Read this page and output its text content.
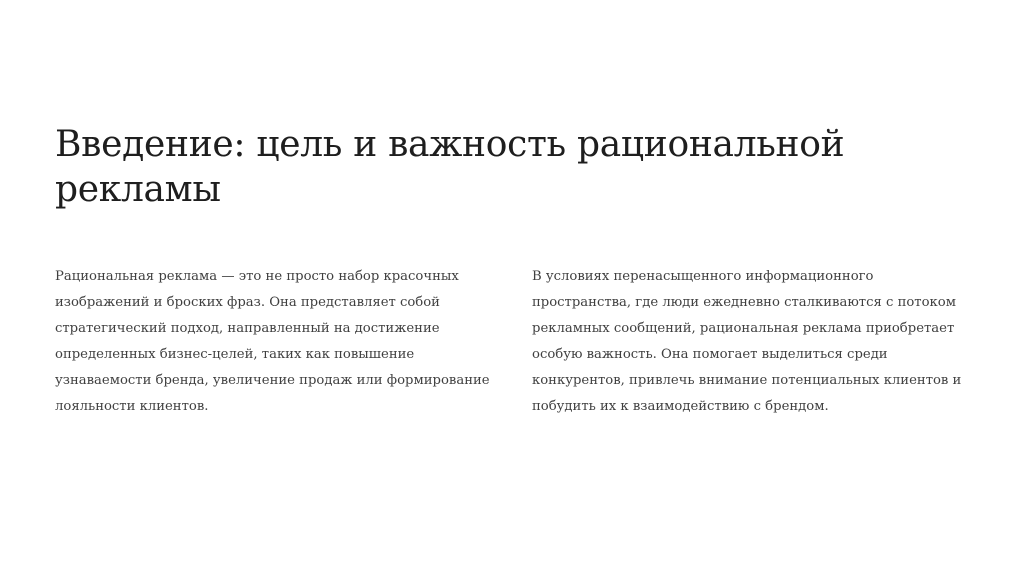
Введение: цель и важность рациональной рекламы

Рациональная реклама — это не просто набор красочных изображений и броских фраз. Она представляет собой стратегический подход, направленный на достижение определенных бизнес-целей, таких как повышение узнаваемости бренда, увеличение продаж или формирование лояльности клиентов.

В условиях перенасыщенного информационного пространства, где люди ежедневно сталкиваются с потоком рекламных сообщений, рациональная реклама приобретает особую важность. Она помогает выделиться среди конкурентов, привлечь внимание потенциальных клиентов и побудить их к взаимодействию с брендом.
